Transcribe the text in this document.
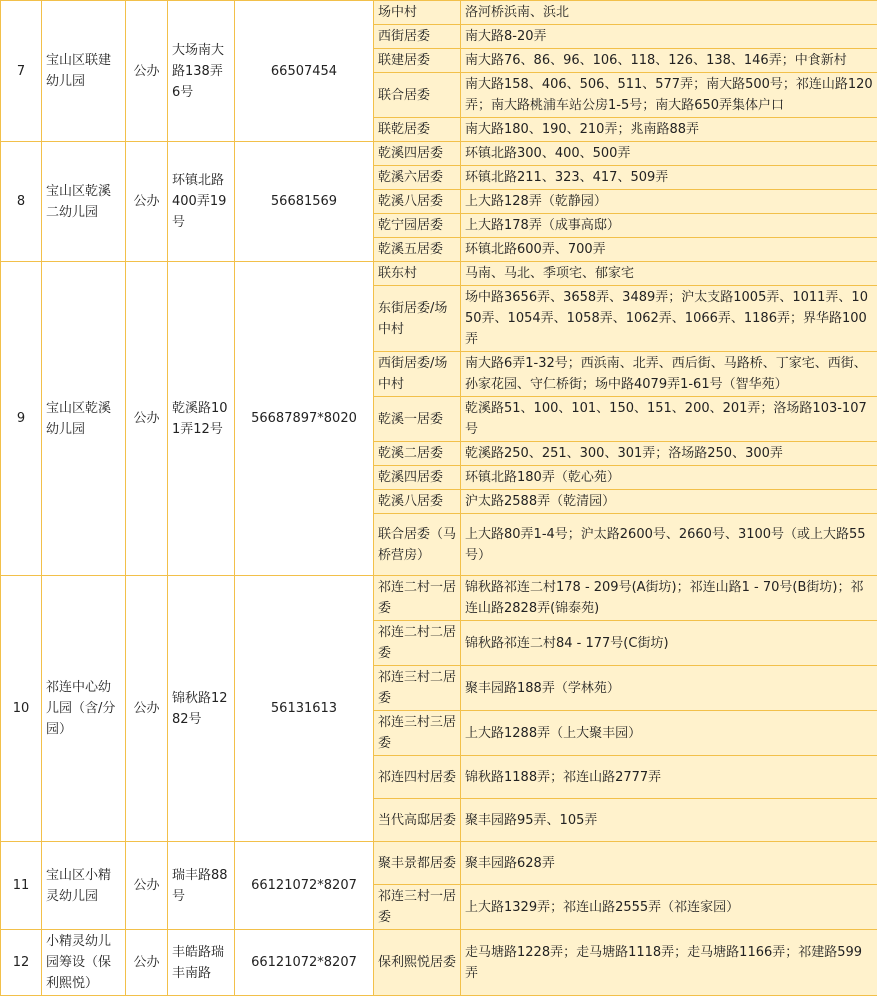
7	宝山区联建幼儿园	公办	大场南大路138弄6号	66507454	场中村	洛河桥浜南、浜北
					西街居委	南大路8-20弄
					联建居委	南大路76、86、96、106、118、126、138、146弄；中食新村
					联合居委	南大路158、406、506、511、577弄；南大路500号；祁连山路120弄；南大路桃浦车站公房1-5号；南大路650弄集体户口
					联乾居委	南大路180、190、210弄；兆南路88弄
8	宝山区乾溪二幼儿园	公办	环镇北路400弄19号	56681569	乾溪四居委	环镇北路300、400、500弄
					乾溪六居委	环镇北路211、323、417、509弄
					乾溪八居委	上大路128弄（乾静园）
					乾宁园居委	上大路178弄（成事高邸）
					乾溪五居委	环镇北路600弄、700弄
9	宝山区乾溪幼儿园	公办	乾溪路101弄12号	56687897*8020	联东村	马南、马北、季项宅、郁家宅
					东街居委/场中村	场中路3656弄、3658弄、3489弄；沪太支路1005弄、1011弄、1050弄、1054弄、1058弄、1062弄、1066弄、1186弄；界华路100弄
					西街居委/场中村	南大路6弄1-32号；西浜南、北弄、西后街、马路桥、丁家宅、西街、孙家花园、守仁桥街；场中路4079弄1-61号（智华苑）
					乾溪一居委	乾溪路51、100、101、150、151、200、201弄；洛场路103-107号
					乾溪二居委	乾溪路250、251、300、301弄；洛场路250、300弄
					乾溪四居委	环镇北路180弄（乾心苑）
					乾溪八居委	沪太路2588弄（乾清园）
					联合居委（马桥营房）	上大路80弄1-4号；沪太路2600号、2660号、3100号（或上大路55号）
10	祁连中心幼儿园（含/分园）	公办	锦秋路1282号	56131613	祁连二村一居委	锦秋路祁连二村178 - 209号(A街坊)；祁连山路1 - 70号(B街坊)；祁连山路2828弄(锦泰苑)
					祁连二村二居委	锦秋路祁连二村84 - 177号(C街坊)
					祁连三村二居委	聚丰园路188弄（学林苑）
					祁连三村三居委	上大路1288弄（上大聚丰园）
					祁连四村居委	锦秋路1188弄；祁连山路2777弄
					当代高邸居委	聚丰园路95弄、105弄
11	宝山区小精灵幼儿园	公办	瑞丰路88号	66121072*8207	聚丰景都居委	聚丰园路628弄
					祁连三村一居委	上大路1329弄；祁连山路2555弄（祁连家园）
12	小精灵幼儿园筹设（保利熙悦）	公办	丰皓路瑞丰南路	66121072*8207	保利熙悦居委	走马塘路1228弄；走马塘路1118弄；走马塘路1166弄；祁建路599弄
